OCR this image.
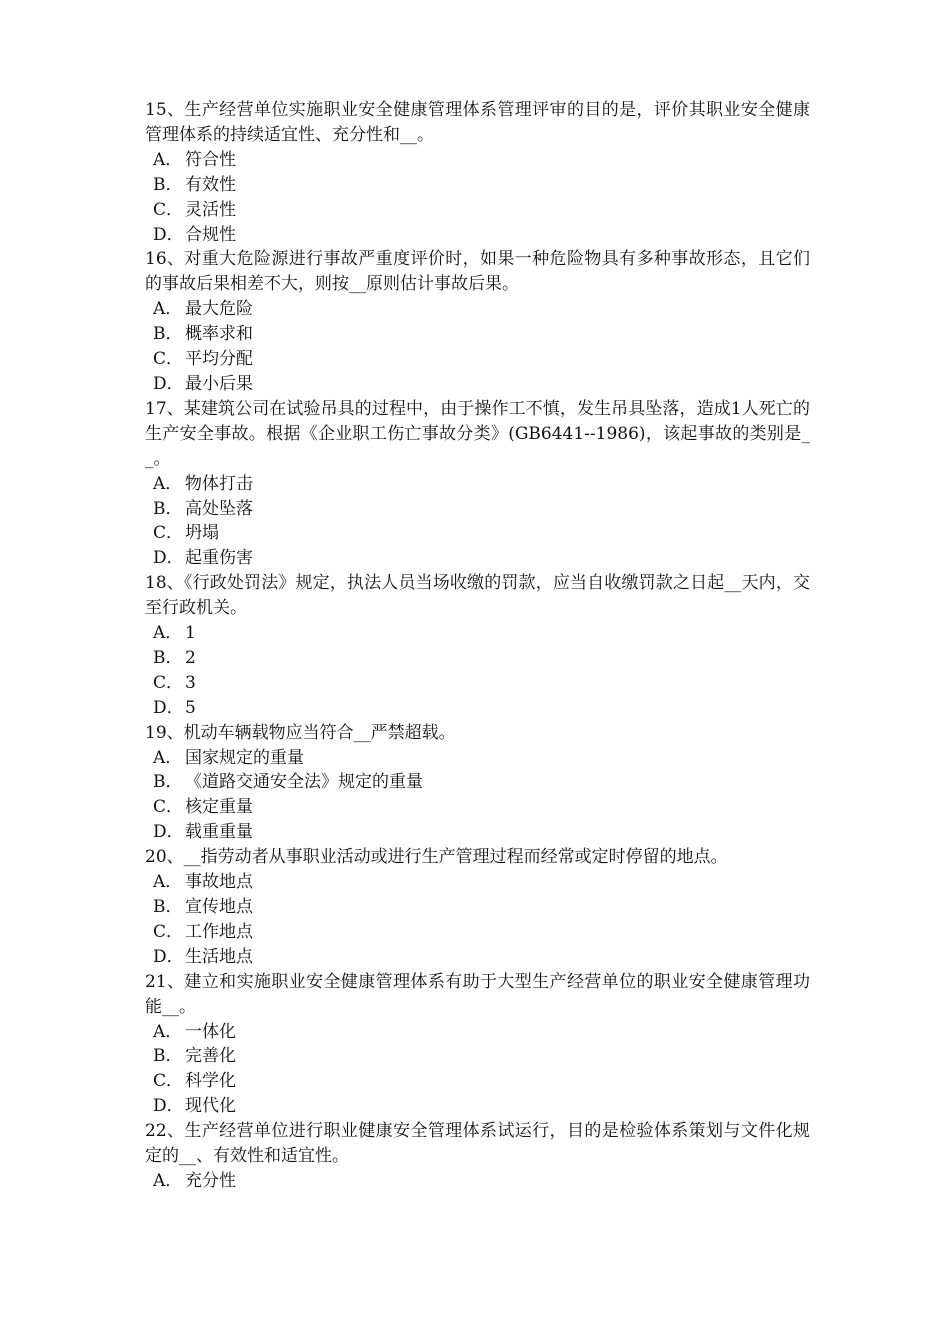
15、生产经营单位实施职业安全健康管理体系管理评审的目的是，评价其职业安全健康管理体系的持续适宜性、充分性和__。

A． 符合性
B． 有效性
C． 灵活性
D．合规性

16、对重大危险源进行事故严重度评价时，如果一种危险物具有多种事故形态，且它们的事故后果相差不大，则按__原则估计事故后果。

A． 最大危险
B． 概率求和
C． 平均分配
D．最小后果

17、某建筑公司在试验吊具的过程中，由于操作工不慎，发生吊具坠落，造成1人死亡的生产安全事故。根据《企业职工伤亡事故分类》(GB6441--1986)，该起事故的类别是__。

A． 物体打击
B． 高处坠落
C． 坍塌
D．起重伤害

18、《行政处罚法》规定，执法人员当场收缴的罚款，应当自收缴罚款之日起__天内，交至行政机关。

A． 1
B． 2
C． 3
D．5

19、机动车辆载物应当符合__严禁超载。

A． 国家规定的重量
B． 《道路交通安全法》规定的重量
C． 核定重量
D．载重重量

20、__指劳动者从事职业活动或进行生产管理过程而经常或定时停留的地点。

A． 事故地点
B． 宣传地点
C． 工作地点
D．生活地点

21、建立和实施职业安全健康管理体系有助于大型生产经营单位的职业安全健康管理功能__。

A． 一体化
B． 完善化
C． 科学化
D．现代化

22、生产经营单位进行职业健康安全管理体系试运行，目的是检验体系策划与文件化规定的__、有效性和适宜性。

A． 充分性
